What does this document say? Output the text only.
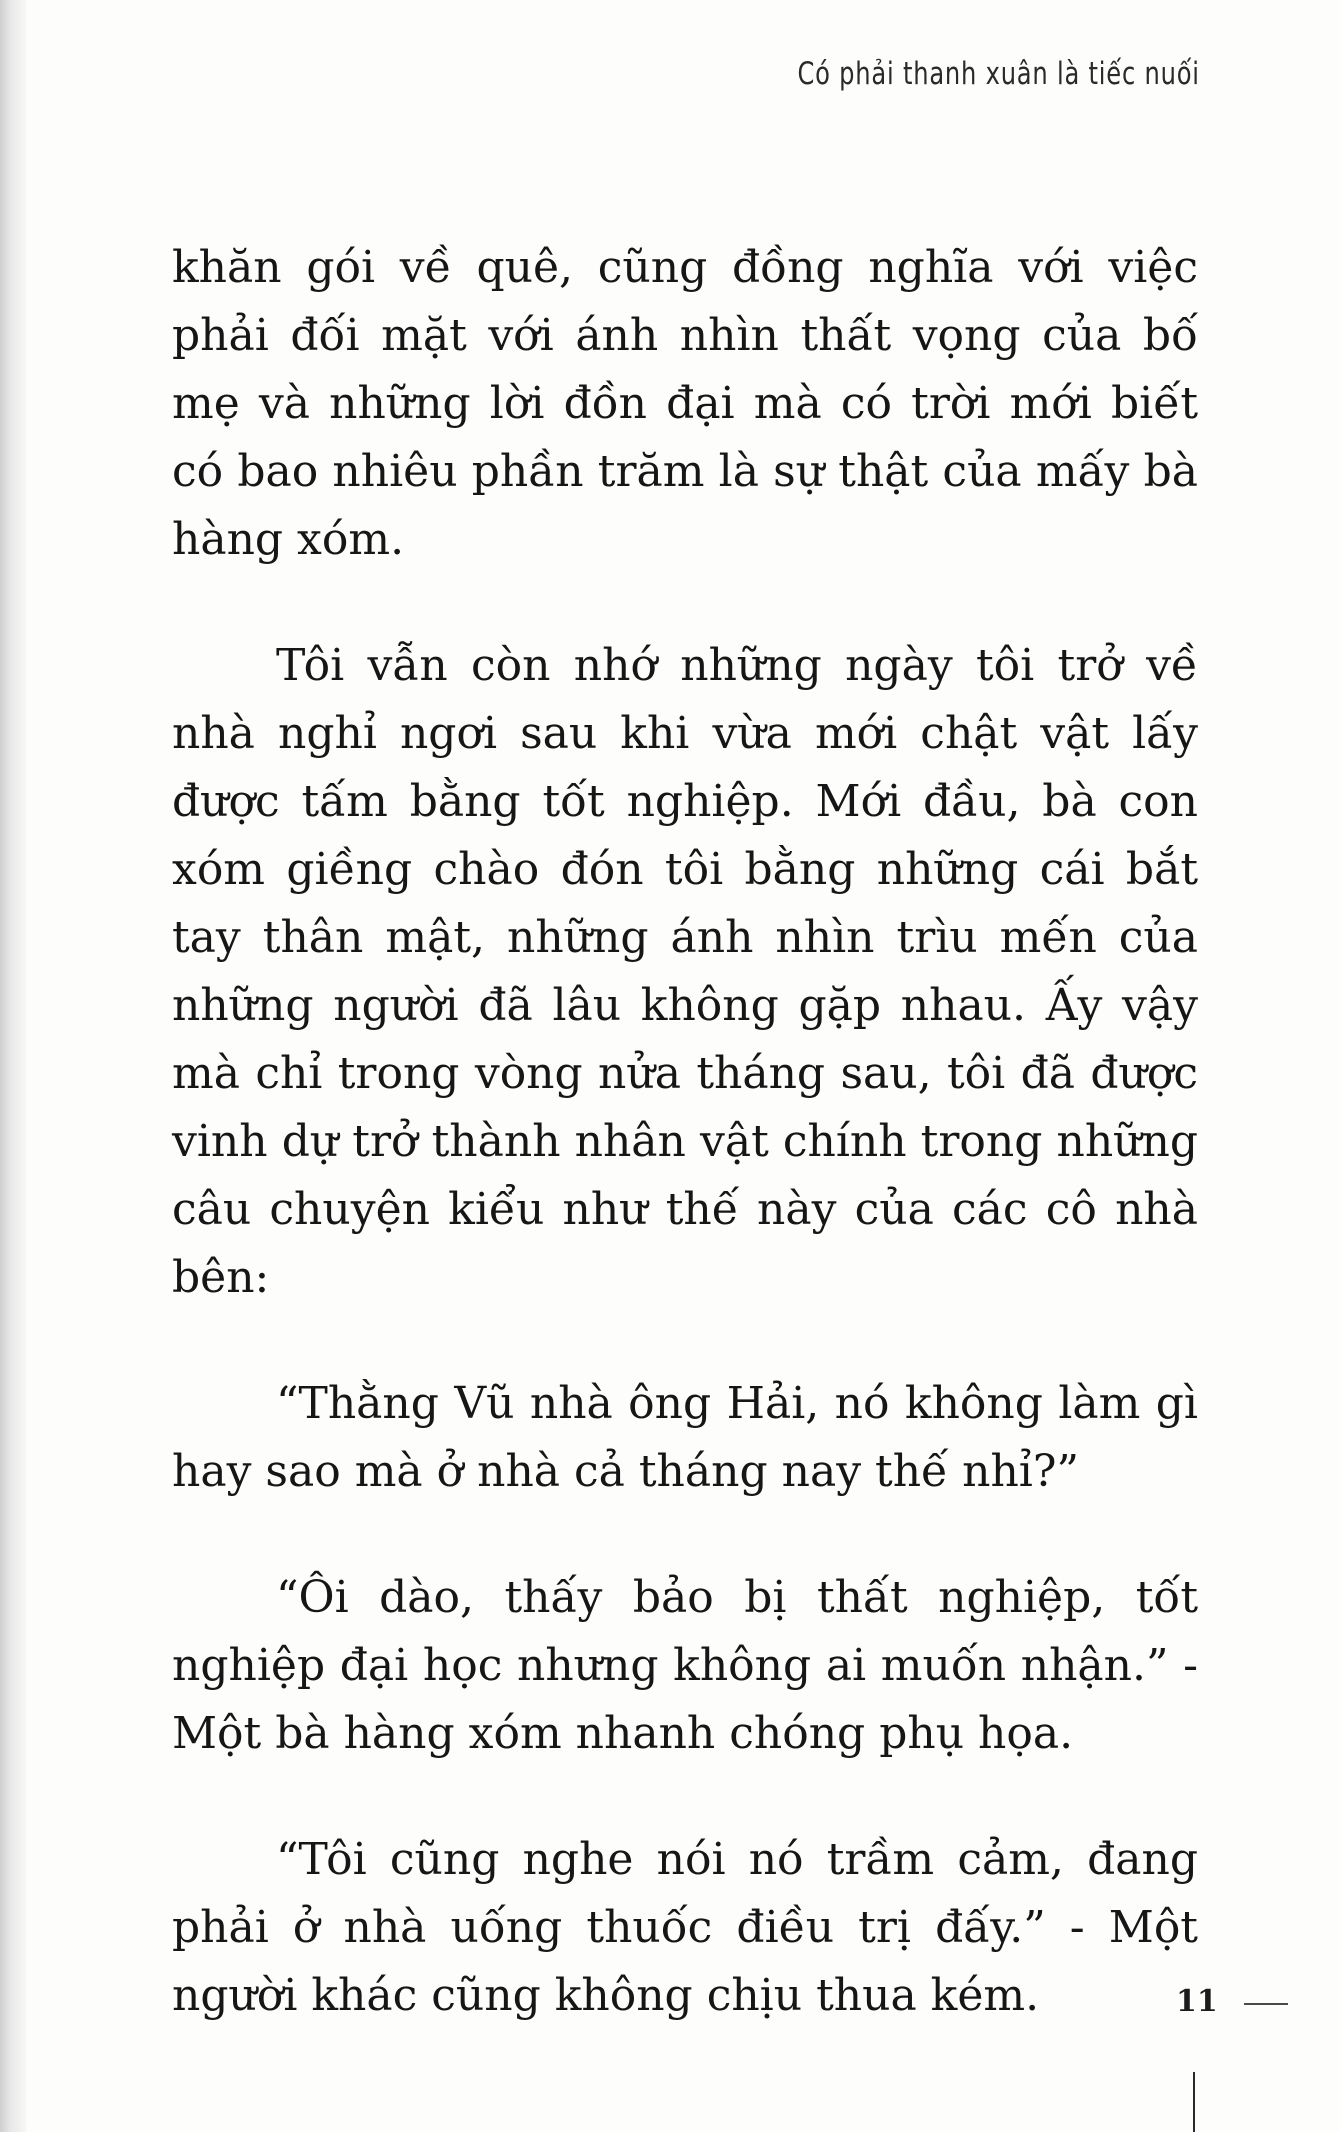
Có phải thanh xuân là tiếc nuối

khăn gói về quê, cũng đồng nghĩa với việc phải đối mặt với ánh nhìn thất vọng của bố mẹ và những lời đồn đại mà có trời mới biết có bao nhiêu phần trăm là sự thật của mấy bà hàng xóm.

Tôi vẫn còn nhớ những ngày tôi trở về nhà nghỉ ngơi sau khi vừa mới chật vật lấy được tấm bằng tốt nghiệp. Mới đầu, bà con xóm giềng chào đón tôi bằng những cái bắt tay thân mật, những ánh nhìn trìu mến của những người đã lâu không gặp nhau. Ấy vậy mà chỉ trong vòng nửa tháng sau, tôi đã được vinh dự trở thành nhân vật chính trong những câu chuyện kiểu như thế này của các cô nhà bên:

“Thằng Vũ nhà ông Hải, nó không làm gì hay sao mà ở nhà cả tháng nay thế nhỉ?”

“Ôi dào, thấy bảo bị thất nghiệp, tốt nghiệp đại học nhưng không ai muốn nhận.” - Một bà hàng xóm nhanh chóng phụ họa.

“Tôi cũng nghe nói nó trầm cảm, đang phải ở nhà uống thuốc điều trị đấy.” - Một người khác cũng không chịu thua kém.	11
